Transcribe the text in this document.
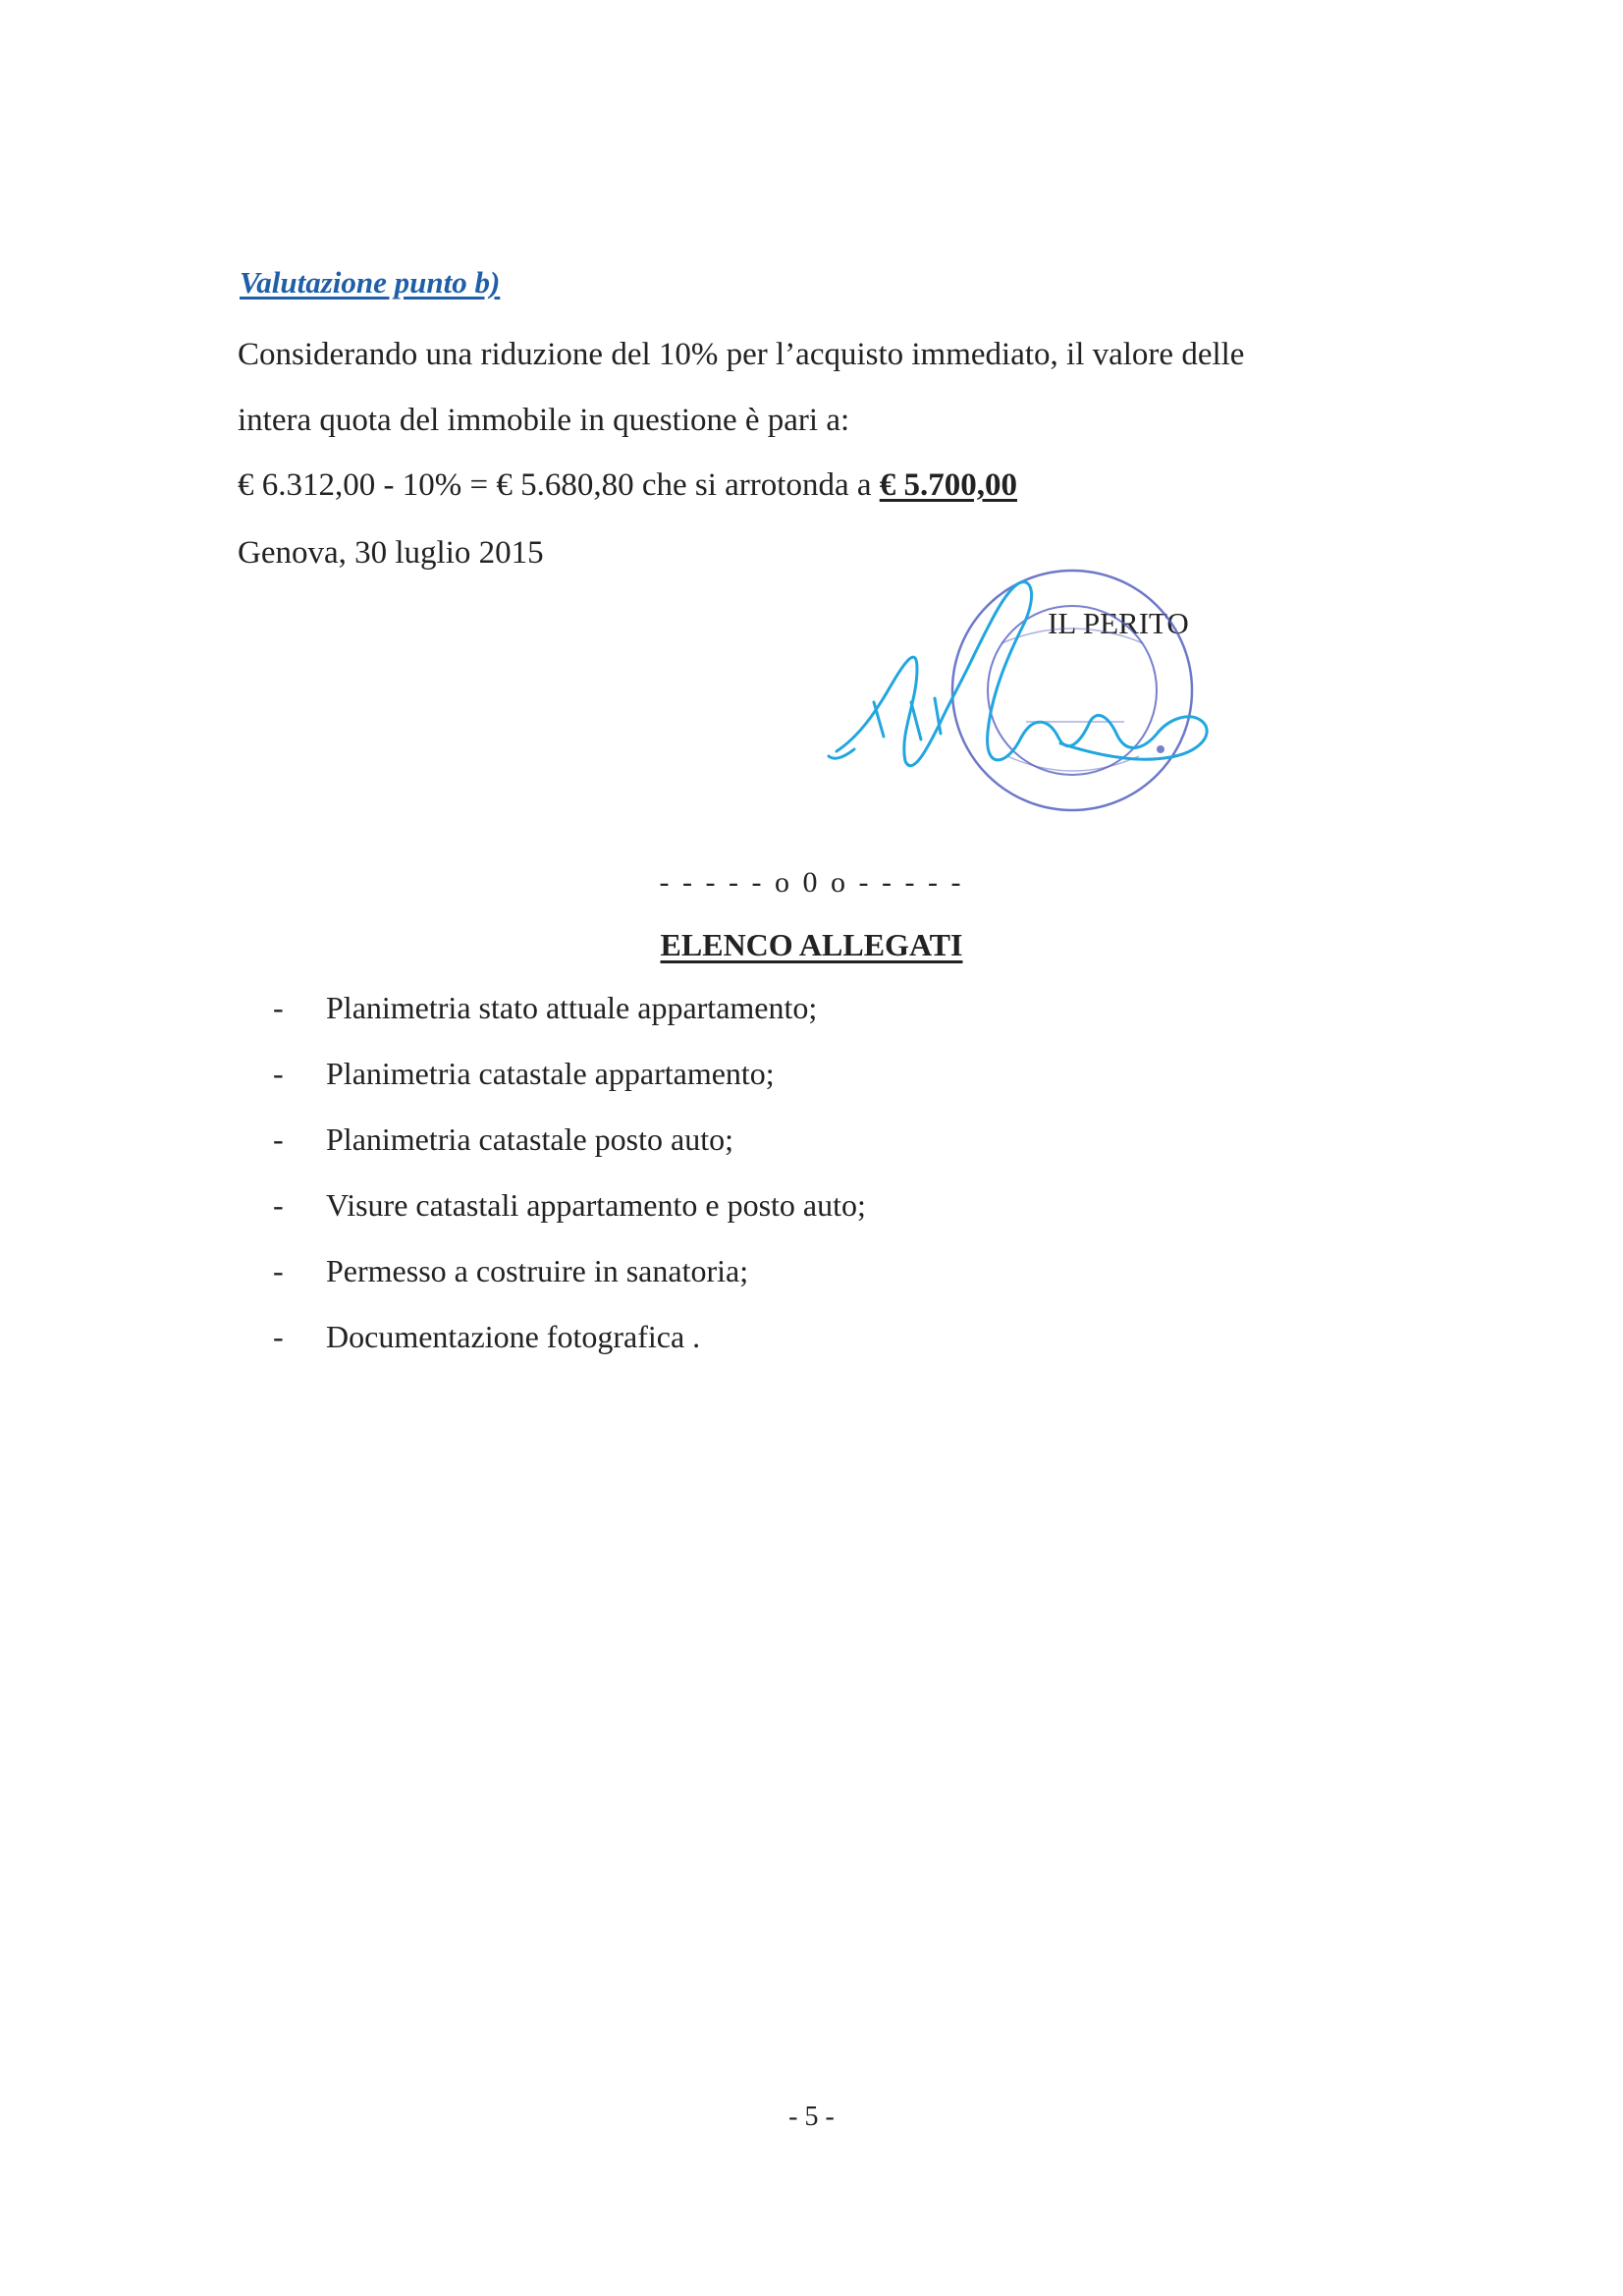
Valutazione punto b)

Considerando una riduzione del 10% per l’acquisto immediato, il valore delle

intera quota del immobile in questione è pari a:

€ 6.312,00 - 10% = € 5.680,80 che si arrotonda a € 5.700,00

Genova, 30 luglio 2015

IL PERITO

- - - - - o 0 o - - - - -

ELENCO ALLEGATI

- Planimetria stato attuale appartamento;
- Planimetria catastale appartamento;
- Planimetria catastale posto auto;
- Visure catastali appartamento e posto auto;
- Permesso a costruire in sanatoria;
- Documentazione fotografica .

- 5 -
